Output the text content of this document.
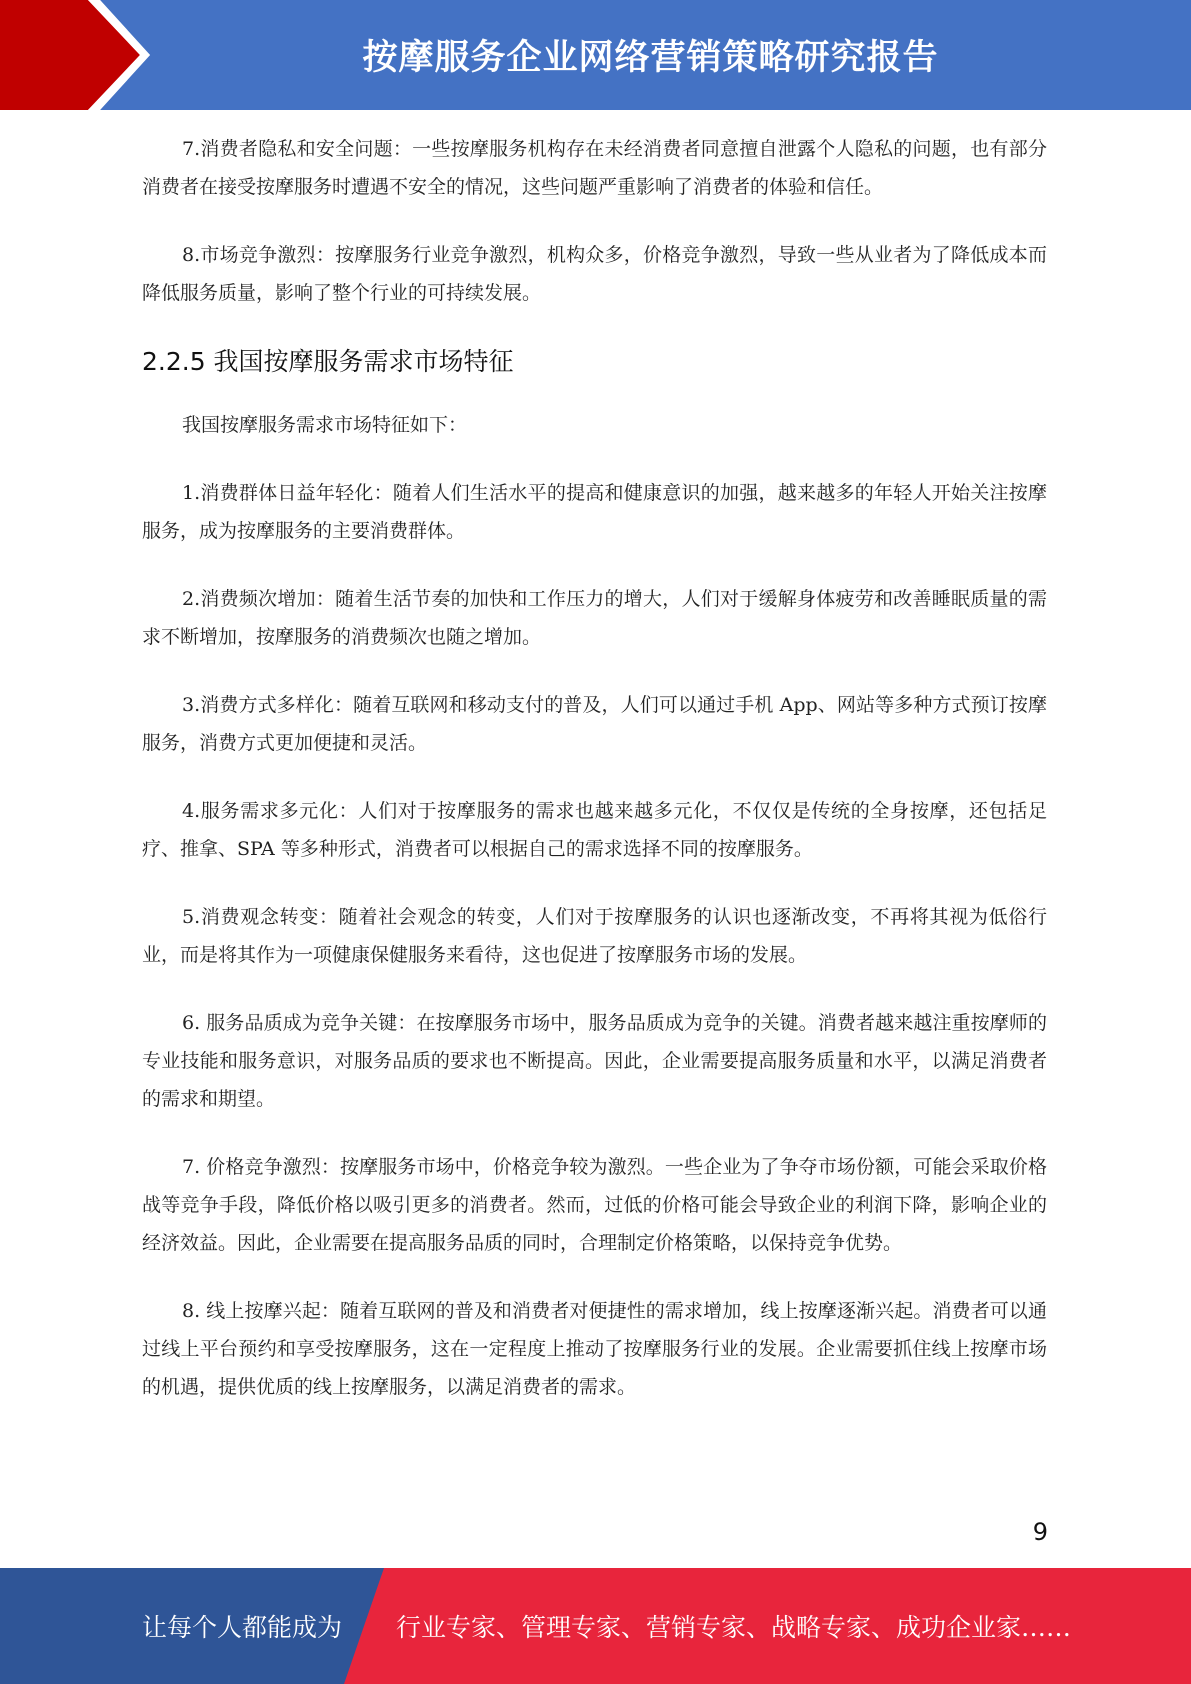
按摩服务企业网络营销策略研究报告

7.消费者隐私和安全问题：一些按摩服务机构存在未经消费者同意擅自泄露个人隐私的问题，也有部分消费者在接受按摩服务时遭遇不安全的情况，这些问题严重影响了消费者的体验和信任。

8.市场竞争激烈：按摩服务行业竞争激烈，机构众多，价格竞争激烈，导致一些从业者为了降低成本而降低服务质量，影响了整个行业的可持续发展。

2.2.5 我国按摩服务需求市场特征

我国按摩服务需求市场特征如下：

1.消费群体日益年轻化：随着人们生活水平的提高和健康意识的加强，越来越多的年轻人开始关注按摩服务，成为按摩服务的主要消费群体。

2.消费频次增加：随着生活节奏的加快和工作压力的增大，人们对于缓解身体疲劳和改善睡眠质量的需求不断增加，按摩服务的消费频次也随之增加。

3.消费方式多样化：随着互联网和移动支付的普及，人们可以通过手机 App、网站等多种方式预订按摩服务，消费方式更加便捷和灵活。

4.服务需求多元化：人们对于按摩服务的需求也越来越多元化，不仅仅是传统的全身按摩，还包括足疗、推拿、SPA 等多种形式，消费者可以根据自己的需求选择不同的按摩服务。

5.消费观念转变：随着社会观念的转变，人们对于按摩服务的认识也逐渐改变，不再将其视为低俗行业，而是将其作为一项健康保健服务来看待，这也促进了按摩服务市场的发展。

6. 服务品质成为竞争关键：在按摩服务市场中，服务品质成为竞争的关键。消费者越来越注重按摩师的专业技能和服务意识，对服务品质的要求也不断提高。因此，企业需要提高服务质量和水平，以满足消费者的需求和期望。

7. 价格竞争激烈：按摩服务市场中，价格竞争较为激烈。一些企业为了争夺市场份额，可能会采取价格战等竞争手段，降低价格以吸引更多的消费者。然而，过低的价格可能会导致企业的利润下降，影响企业的经济效益。因此，企业需要在提高服务品质的同时，合理制定价格策略，以保持竞争优势。

8. 线上按摩兴起：随着互联网的普及和消费者对便捷性的需求增加，线上按摩逐渐兴起。消费者可以通过线上平台预约和享受按摩服务，这在一定程度上推动了按摩服务行业的发展。企业需要抓住线上按摩市场的机遇，提供优质的线上按摩服务，以满足消费者的需求。

9
让每个人都能成为 行业专家、管理专家、营销专家、战略专家、成功企业家……
